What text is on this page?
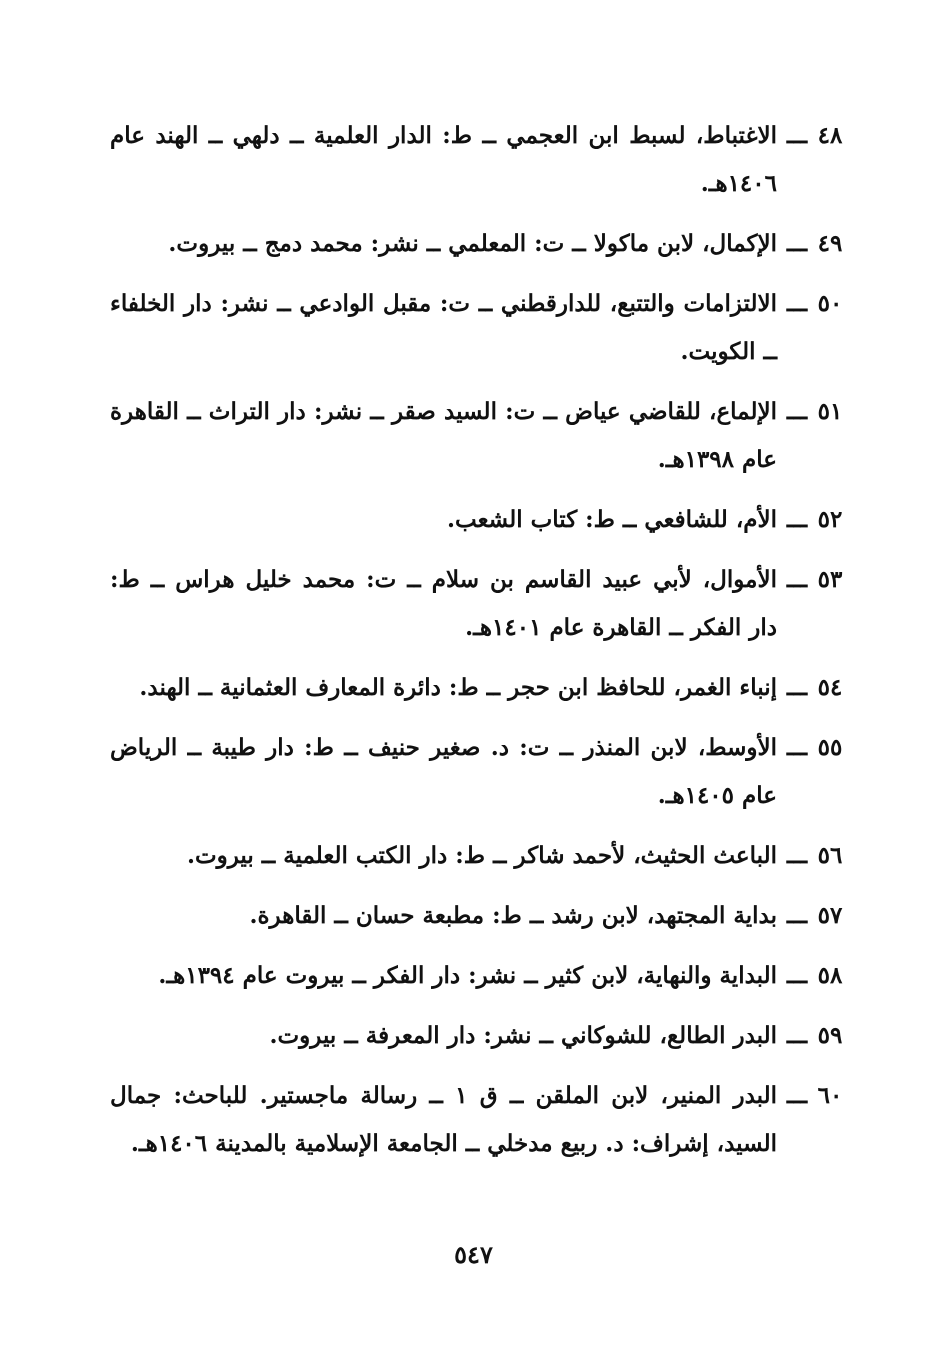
٤٨
ـــ
الاغتباط، لسبط ابن العجمي ــ ط: الدار العلمية ــ دلهي ــ الهند عام ١٤٠٦هـ.
٤٩
ـــ
الإكمال، لابن ماكولا ــ ت: المعلمي ــ نشر: محمد دمج ــ بيروت.
٥٠
ـــ
الالتزامات والتتبع، للدارقطني ــ ت: مقبل الوادعي ــ نشر: دار الخلفاء ــ الكويت.
٥١
ـــ
الإلماع، للقاضي عياض ــ ت: السيد صقر ــ نشر: دار التراث ــ القاهرة عام ١٣٩٨هـ.
٥٢
ـــ
الأم، للشافعي ــ ط: كتاب الشعب.
٥٣
ـــ
الأموال، لأبي عبيد القاسم بن سلام ــ ت: محمد خليل هراس ــ ط: دار الفكر ــ القاهرة عام ١٤٠١هـ.
٥٤
ـــ
إنباء الغمر، للحافظ ابن حجر ــ ط: دائرة المعارف العثمانية ــ الهند.
٥٥
ـــ
الأوسط، لابن المنذر ــ ت: د. صغير حنيف ــ ط: دار طيبة ــ الرياض عام ١٤٠٥هـ.
٥٦
ـــ
الباعث الحثيث، لأحمد شاكر ــ ط: دار الكتب العلمية ــ بيروت.
٥٧
ـــ
بداية المجتهد، لابن رشد ــ ط: مطبعة حسان ــ القاهرة.
٥٨
ـــ
البداية والنهاية، لابن كثير ــ نشر: دار الفكر ــ بيروت عام ١٣٩٤هـ.
٥٩
ـــ
البدر الطالع، للشوكاني ــ نشر: دار المعرفة ــ بيروت.
٦٠
ـــ
البدر المنير، لابن الملقن ــ ق ١ ــ رسالة ماجستير. للباحث: جمال السيد، إشراف: د. ربيع مدخلي ــ الجامعة الإسلامية بالمدينة ١٤٠٦هـ.
٥٤٧
